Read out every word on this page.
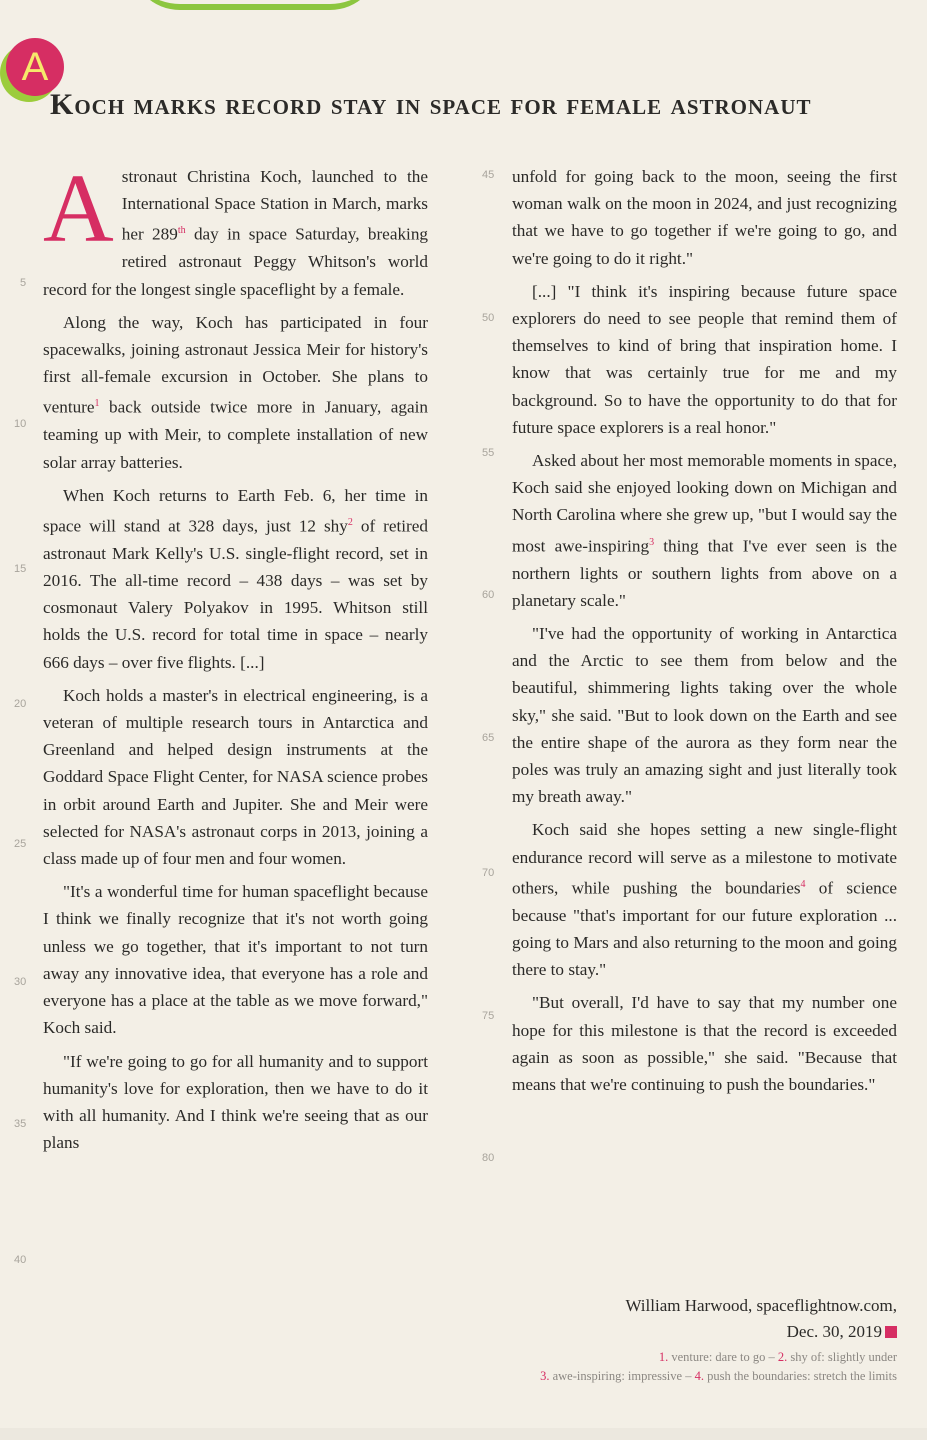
A
Koch marks record stay in space for female astronaut

Astronaut Christina Koch, launched to the International Space Station in March, marks her 289th day in space Saturday, breaking retired astronaut Peggy Whitson's world record for the longest single spaceflight by a female.

Along the way, Koch has participated in four spacewalks, joining astronaut Jessica Meir for history's first all-female excursion in October. She plans to venture$^1$ back outside twice more in January, again teaming up with Meir, to complete installation of new solar array batteries.

When Koch returns to Earth Feb. 6, her time in space will stand at 328 days, just 12 shy$^2$ of retired astronaut Mark Kelly's U.S. single-flight record, set in 2016. The all-time record – 438 days – was set by cosmonaut Valery Polyakov in 1995. Whitson still holds the U.S. record for total time in space – nearly 666 days – over five flights. [...]

Koch holds a master's in electrical engineering, is a veteran of multiple research tours in Antarctica and Greenland and helped design instruments at the Goddard Space Flight Center, for NASA science probes in orbit around Earth and Jupiter. She and Meir were selected for NASA's astronaut corps in 2013, joining a class made up of four men and four women.

"It's a wonderful time for human spaceflight because I think we finally recognize that it's not worth going unless we go together, that it's important to not turn away any innovative idea, that everyone has a role and everyone has a place at the table as we move forward," Koch said.

"If we're going to go for all humanity and to support humanity's love for exploration, then we have to do it with all humanity. And I think we're seeing that as our plans

unfold for going back to the moon, seeing the first woman walk on the moon in 2024, and just recognizing that we have to go together if we're going to go, and we're going to do it right."

[...] "I think it's inspiring because future space explorers do need to see people that remind them of themselves to kind of bring that inspiration home. I know that was certainly true for me and my background. So to have the opportunity to do that for future space explorers is a real honor."

Asked about her most memorable moments in space, Koch said she enjoyed looking down on Michigan and North Carolina where she grew up, "but I would say the most awe-inspiring$^3$ thing that I've ever seen is the northern lights or southern lights from above on a planetary scale."

"I've had the opportunity of working in Antarctica and the Arctic to see them from below and the beautiful, shimmering lights taking over the whole sky," she said. "But to look down on the Earth and see the entire shape of the aurora as they form near the poles was truly an amazing sight and just literally took my breath away."

Koch said she hopes setting a new single-flight endurance record will serve as a milestone to motivate others, while pushing the boundaries$^4$ of science because "that's important for our future exploration ... going to Mars and also returning to the moon and going there to stay."

"But overall, I'd have to say that my number one hope for this milestone is that the record is exceeded again as soon as possible," she said. "Because that means that we're continuing to push the boundaries."

5
10
15
20
25
30
35
40
45
50
55
60
65
70
75
80
William Harwood, spaceflightnow.com,
Dec. 30, 2019
1. venture: dare to go – 2. shy of: slightly under
3. awe-inspiring: impressive – 4. push the boundaries: stretch the limits
